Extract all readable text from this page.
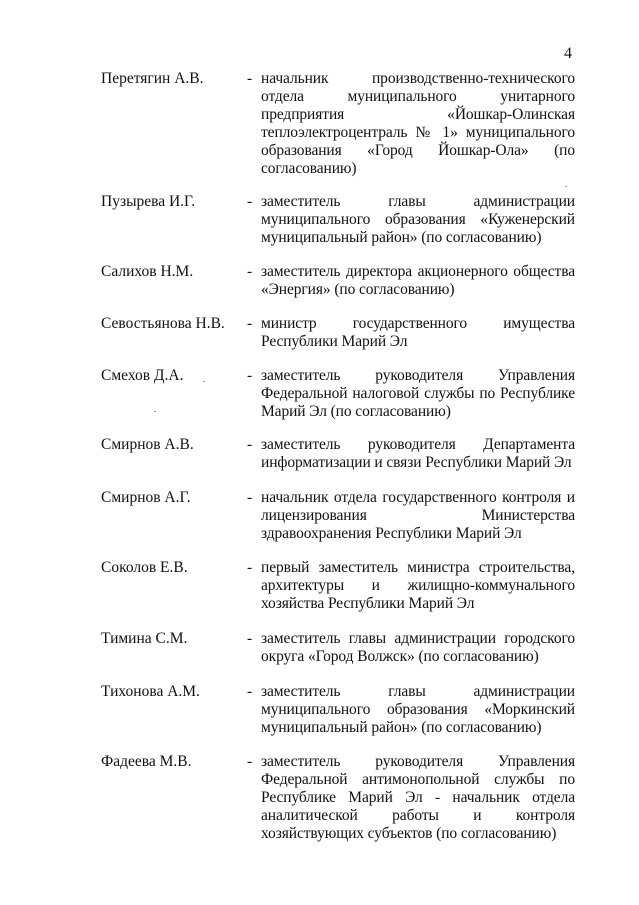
4
Перетягин А.В.	- начальник производственно-технического отдела муниципального унитарного предприятия «Йошкар-Олинская теплоэлектроцентраль № 1» муниципального образования «Город Йошкар-Ола» (по согласованию)
Пузырева И.Г.	- заместитель главы администрации муниципального образования «Куженерский муниципальный район» (по согласованию)
Салихов Н.М.	- заместитель директора акционерного общества «Энергия» (по согласованию)
Севостьянова Н.В. - министр государственного имущества Республики Марий Эл
Смехов Д.А.	- заместитель руководителя Управления Федеральной налоговой службы по Республике Марий Эл (по согласованию)
Смирнов А.В.	- заместитель руководителя Департамента информатизации и связи Республики Марий Эл
Смирнов А.Г.	- начальник отдела государственного контроля и лицензирования Министерства здравоохранения Республики Марий Эл
Соколов Е.В.	- первый заместитель министра строительства, архитектуры и жилищно-коммунального хозяйства Республики Марий Эл
Тимина С.М.	- заместитель главы администрации городского округа «Город Волжск» (по согласованию)
Тихонова А.М.	- заместитель главы администрации муниципального образования «Моркинский муниципальный район» (по согласованию)
Фадеева М.В.	- заместитель руководителя Управления Федеральной антимонопольной службы по Республике Марий Эл - начальник отдела аналитической работы и контроля хозяйствующих субъектов (по согласованию)
